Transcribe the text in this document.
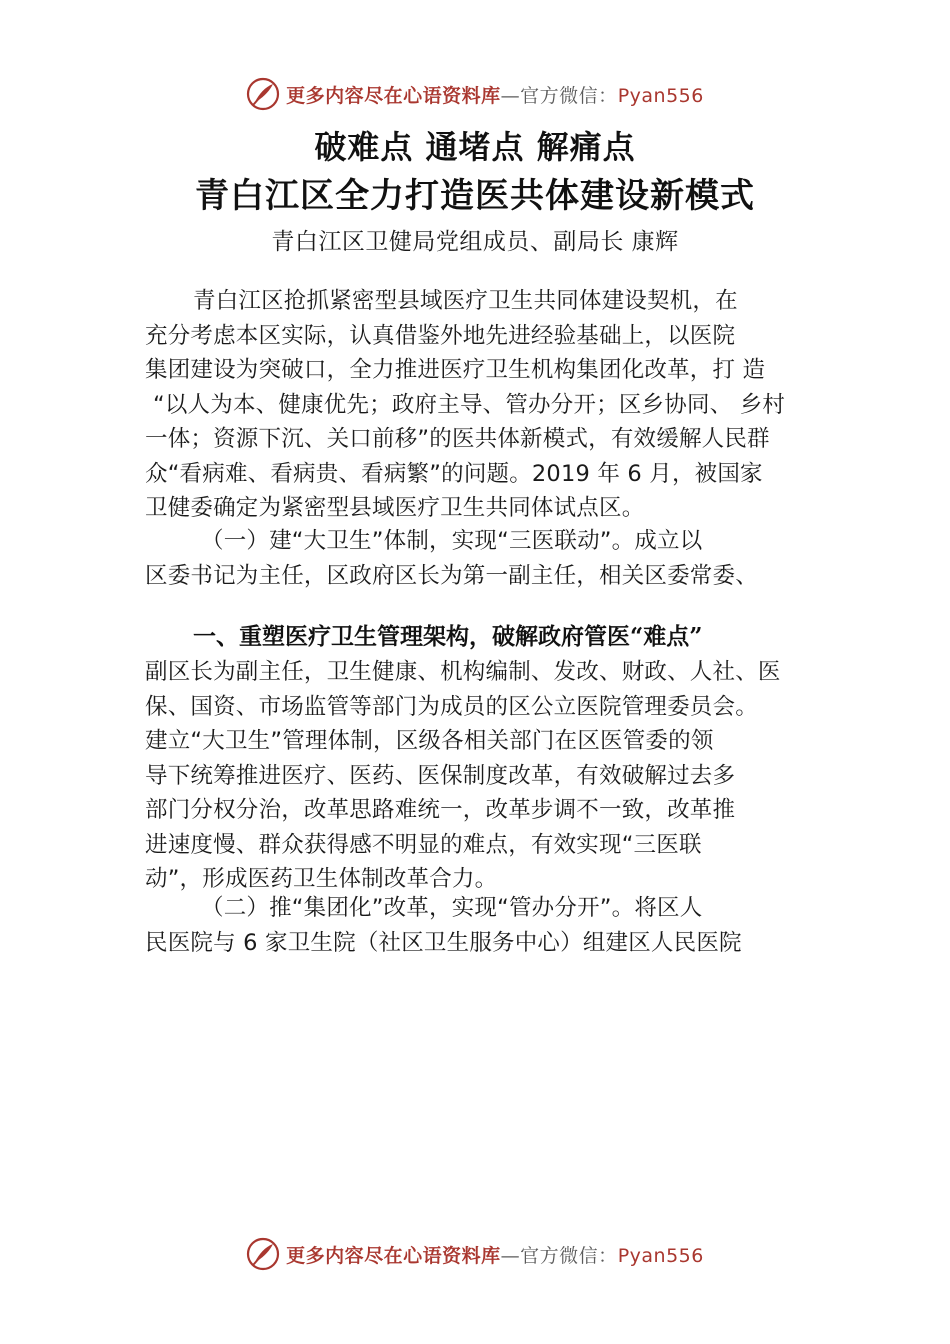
更多内容尽在心语资料库—官方微信：Pyan556
破难点 通堵点 解痛点
青白江区全力打造医共体建设新模式
青白江区卫健局党组成员、副局长 康辉
青白江区抢抓紧密型县域医疗卫生共同体建设契机，在
充分考虑本区实际，认真借鉴外地先进经验基础上，以医院
集团建设为突破口，全力推进医疗卫生机构集团化改革，打 造
“以人为本、健康优先；政府主导、管办分开；区乡协同、 乡村
一体；资源下沉、关口前移”的医共体新模式，有效缓解人民群
众“看病难、看病贵、看病繁”的问题。2019 年 6 月，被国家
卫健委确定为紧密型县域医疗卫生共同体试点区。
（一）建“大卫生”体制，实现“三医联动”。成立以
区委书记为主任，区政府区长为第一副主任，相关区委常委、
一、重塑医疗卫生管理架构，破解政府管医“难点”
副区长为副主任，卫生健康、机构编制、发改、财政、人社、医
保、国资、市场监管等部门为成员的区公立医院管理委员会。
建立“大卫生”管理体制，区级各相关部门在区医管委的领
导下统筹推进医疗、医药、医保制度改革，有效破解过去多
部门分权分治，改革思路难统一，改革步调不一致，改革推
进速度慢、群众获得感不明显的难点，有效实现“三医联
动”，形成医药卫生体制改革合力。
（二）推“集团化”改革，实现“管办分开”。将区人
民医院与 6 家卫生院（社区卫生服务中心）组建区人民医院
更多内容尽在心语资料库—官方微信：Pyan556
